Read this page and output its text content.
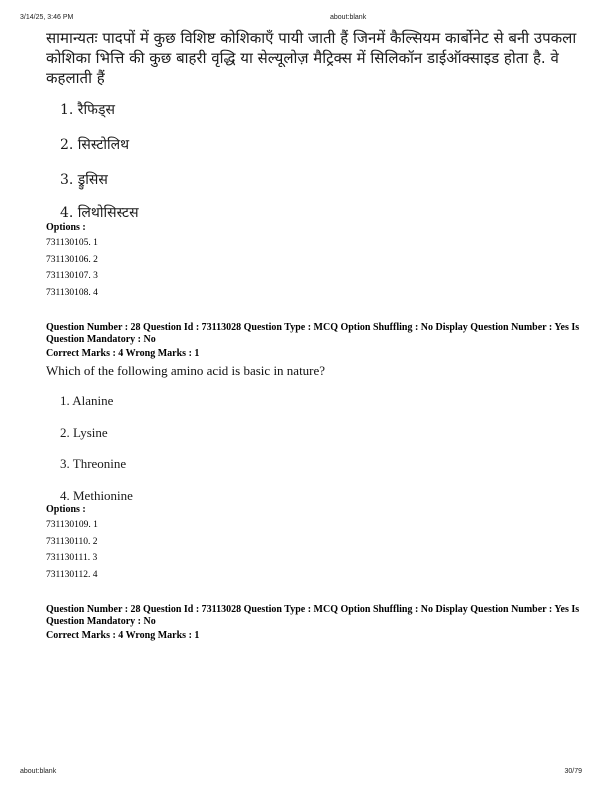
3/14/25, 3:46 PM	about:blank
सामान्यतः पादपों में कुछ विशिष्ट कोशिकाएँ पायी जाती हैं जिनमें कैल्सियम कार्बोनेट से बनी उपकला कोशिका भित्ति की कुछ बाहरी वृद्धि या सेल्यूलोज़ मैट्रिक्स में सिलिकॉन डाईऑक्साइड होता है. वे कहलाती हैं
1. रैफिड्स
2. सिस्टोलिथ
3. ड्रुसिस
4. लिथोसिस्टस
Options :
731130105. 1
731130106. 2
731130107. 3
731130108. 4
Question Number : 28 Question Id : 73113028 Question Type : MCQ Option Shuffling : No Display Question Number : Yes Is Question Mandatory : No
Correct Marks : 4 Wrong Marks : 1
Which of the following amino acid is basic in nature?
1. Alanine
2. Lysine
3. Threonine
4. Methionine
Options :
731130109. 1
731130110. 2
731130111. 3
731130112. 4
Question Number : 28 Question Id : 73113028 Question Type : MCQ Option Shuffling : No Display Question Number : Yes Is Question Mandatory : No
Correct Marks : 4 Wrong Marks : 1
about:blank	30/79
